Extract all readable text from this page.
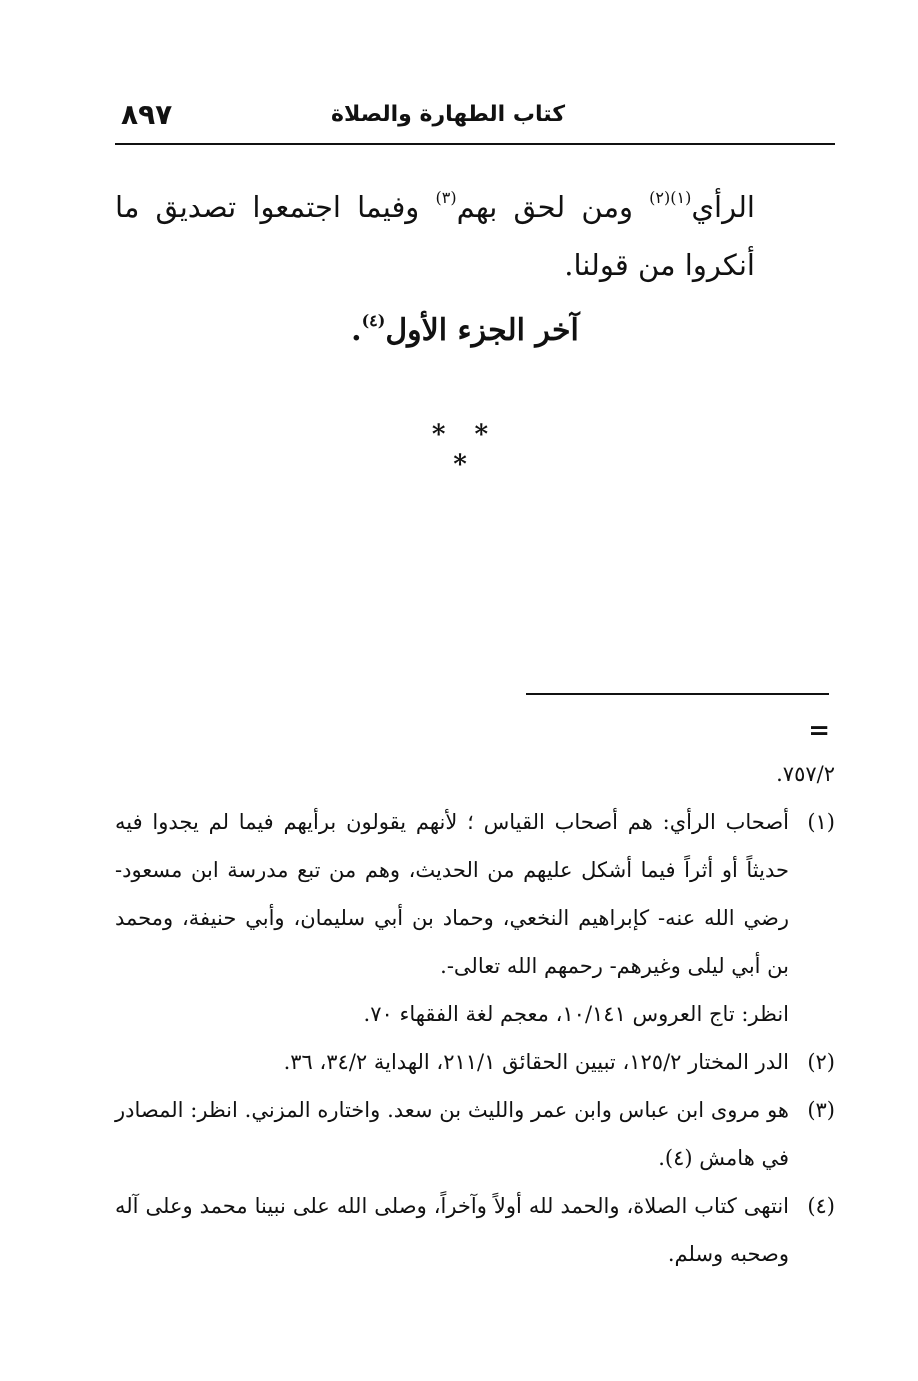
كتاب الطهارة والصلاة
٨٩٧
الرأي$^{(١)(٢)}$ ومن لحق بهم$^{(٣)}$ وفيما اجتمعوا تصديق ما أنكروا من قولنا.
آخر الجزء الأول$^{(٤)}$.
* * *
=
٧٥٧/٢.
(١)
أصحاب الرأي: هم أصحاب القياس ؛ لأنهم يقولون برأيهم فيما لم يجدوا فيه حديثاً أو أثراً فيما أشكل عليهم من الحديث، وهم من تبع مدرسة ابن مسعود- رضي الله عنه- كإبراهيم النخعي، وحماد بن أبي سليمان، وأبي حنيفة، ومحمد بن أبي ليلى وغيرهم- رحمهم الله تعالى-.
انظر: تاج العروس ١٠/١٤١، معجم لغة الفقهاء ٧٠.
(٢)
الدر المختار ١٢٥/٢، تبيين الحقائق ٢١١/١، الهداية ٣٤/٢، ٣٦.
(٣)
هو مروى ابن عباس وابن عمر والليث بن سعد. واختاره المزني. انظر: المصادر في هامش (٤).
(٤)
انتهى كتاب الصلاة، والحمد لله أولاً وآخراً، وصلى الله على نبينا محمد وعلى آله وصحبه وسلم.
